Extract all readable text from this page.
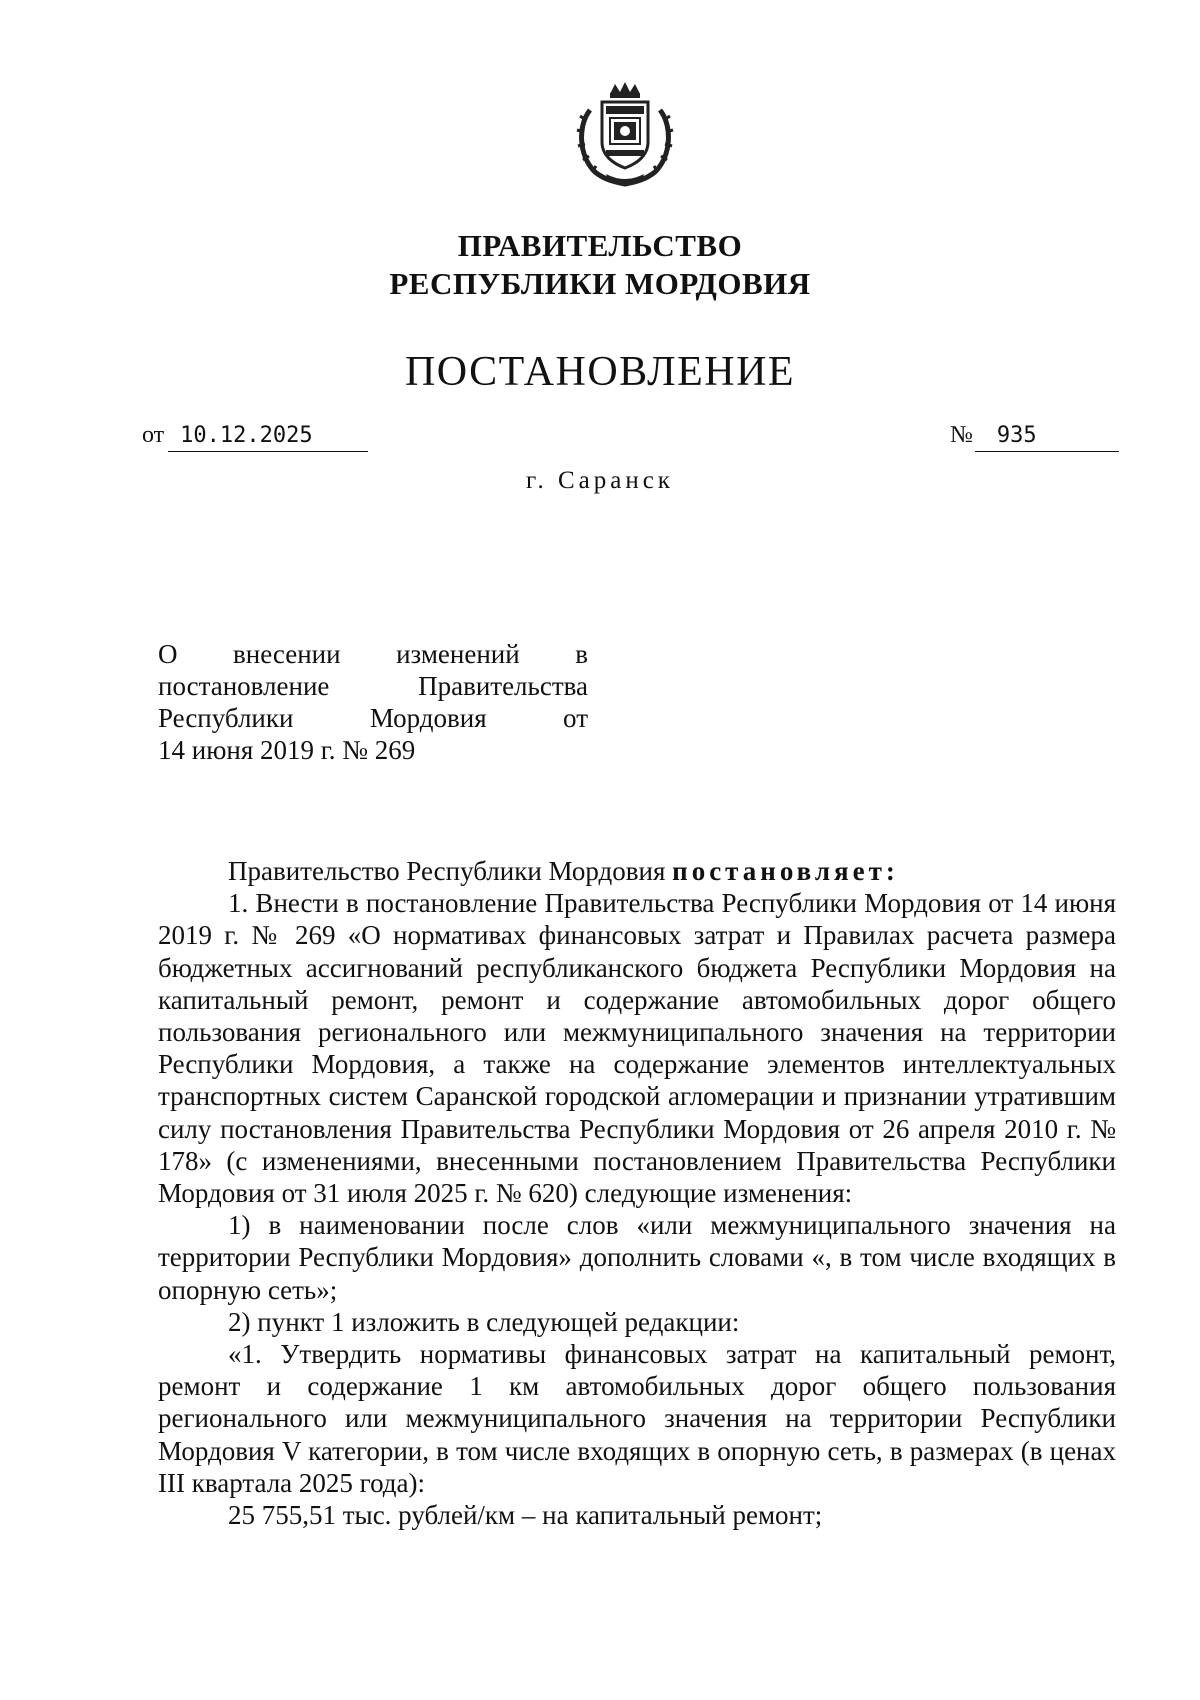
ПРАВИТЕЛЬСТВО
РЕСПУБЛИКИ МОРДОВИЯ
ПОСТАНОВЛЕНИЕ
от 10.12.2025	№ 935
г. Саранск
О внесении изменений в
постановление Правительства
Республики Мордовия от
14 июня 2019 г. № 269

Правительство Республики Мордовия постановляет:

1. Внести в постановление Правительства Республики Мордовия от 14 июня 2019 г. № 269 «О нормативах финансовых затрат и Правилах расчета размера бюджетных ассигнований республиканского бюджета Республики Мордовия на капитальный ремонт, ремонт и содержание автомобильных дорог общего пользования регионального или межмуниципального значения на территории Республики Мордовия, а также на содержание элементов интеллектуальных транспортных систем Саранской городской агломерации и признании утратившим силу постановления Правительства Республики Мордовия от 26 апреля 2010 г. № 178» (с изменениями, внесенными постановлением Правительства Республики Мордовия от 31 июля 2025 г. № 620) следующие изменения:

1) в наименовании после слов «или межмуниципального значения на территории Республики Мордовия» дополнить словами «, в том числе входящих в опорную сеть»;

2) пункт 1 изложить в следующей редакции:

«1. Утвердить нормативы финансовых затрат на капитальный ремонт, ремонт и содержание 1 км автомобильных дорог общего пользования регионального или межмуниципального значения на территории Республики Мордовия V категории, в том числе входящих в опорную сеть, в размерах (в ценах III квартала 2025 года):

25 755,51 тыс. рублей/км – на капитальный ремонт;
